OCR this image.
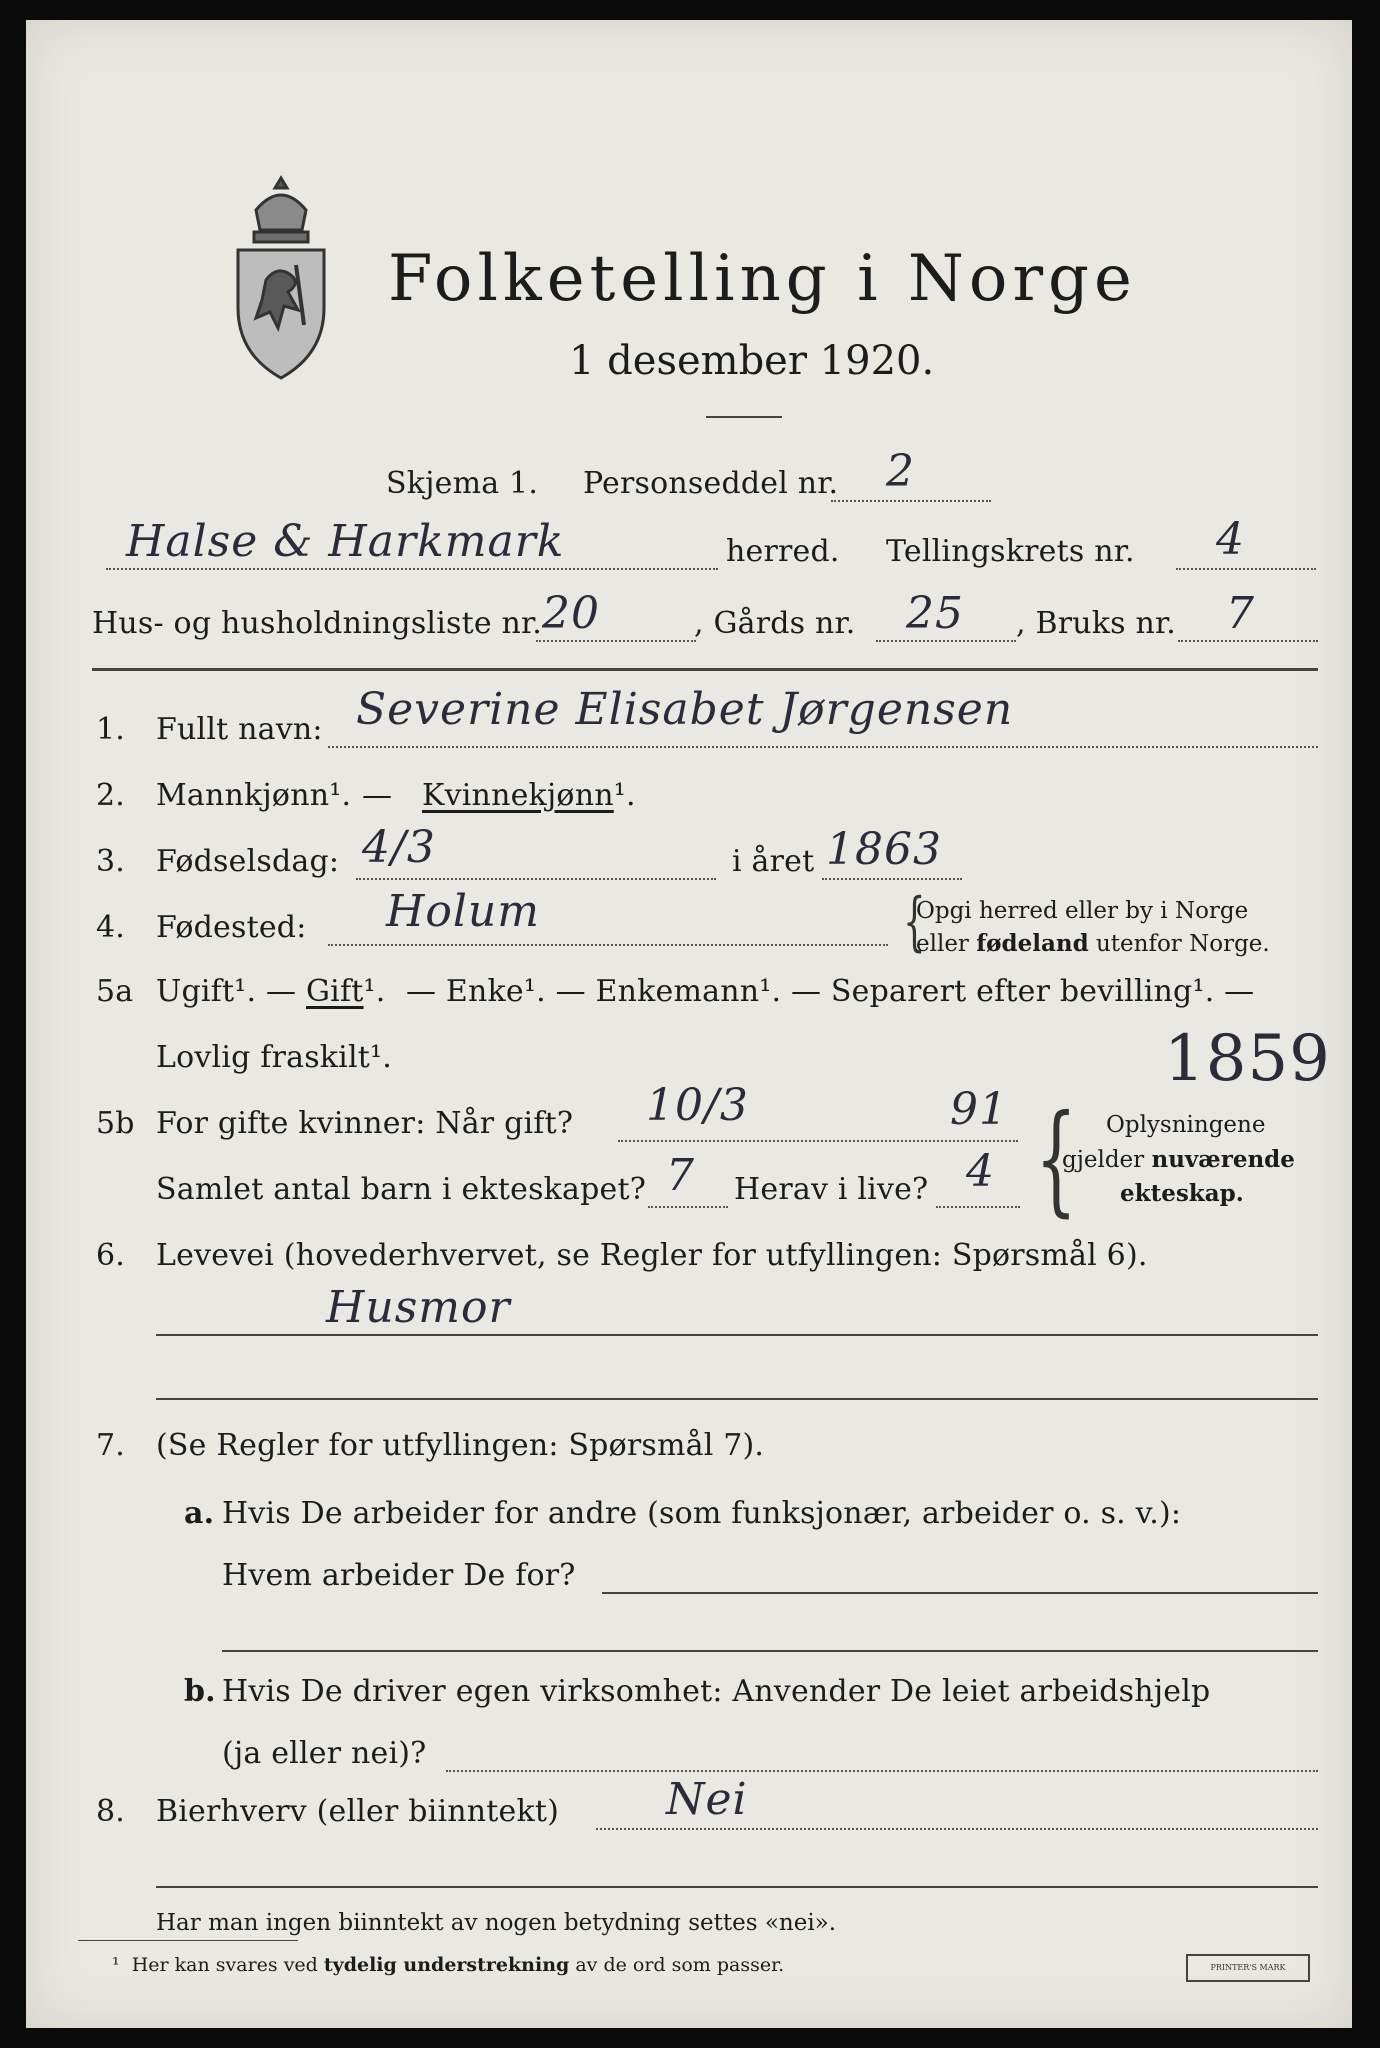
Folketelling i Norge
1 desember 1920.
Skjema 1. Personseddel nr. 2
Halse & Harkmark	herred. Tellingskrets nr. 4
Hus- og husholdningsliste nr. 20	, Gårds nr. 25 , Bruks nr. 7
1. Fullt navn: Severine Elisabet Jørgensen
2. Mannkjønn¹. — Kvinnekjønn¹.
3. Fødselsdag: 4/3	i året 1863
4. Fødested: Holum	{
Opgi herred eller by i Norge
eller fødeland utenfor Norge.
5a Ugift¹. — Gift¹. — Enke¹. — Enkemann¹. — Separert efter bevilling¹. —
Lovlig fraskilt¹.	1859
5b For gifte kvinner: Når gift? 10/3	91
Samlet antal barn i ekteskapet? 7 Herav i live? 4 { Oplysningene
gjelder nuværende
ekteskap.
6. Levevei (hovederhvervet, se Regler for utfyllingen: Spørsmål 6).
Husmor
7. (Se Regler for utfyllingen: Spørsmål 7).
a. Hvis De arbeider for andre (som funksjonær, arbeider o. s. v.):
Hvem arbeider De for?
b. Hvis De driver egen virksomhet: Anvender De leiet arbeidshjelp
(ja eller nei)?
8. Bierhverv (eller biinntekt) Nei
Har man ingen biinntekt av nogen betydning settes «nei».
¹ Her kan svares ved tydelig understrekning av de ord som passer.	PRINTER'S MARK
